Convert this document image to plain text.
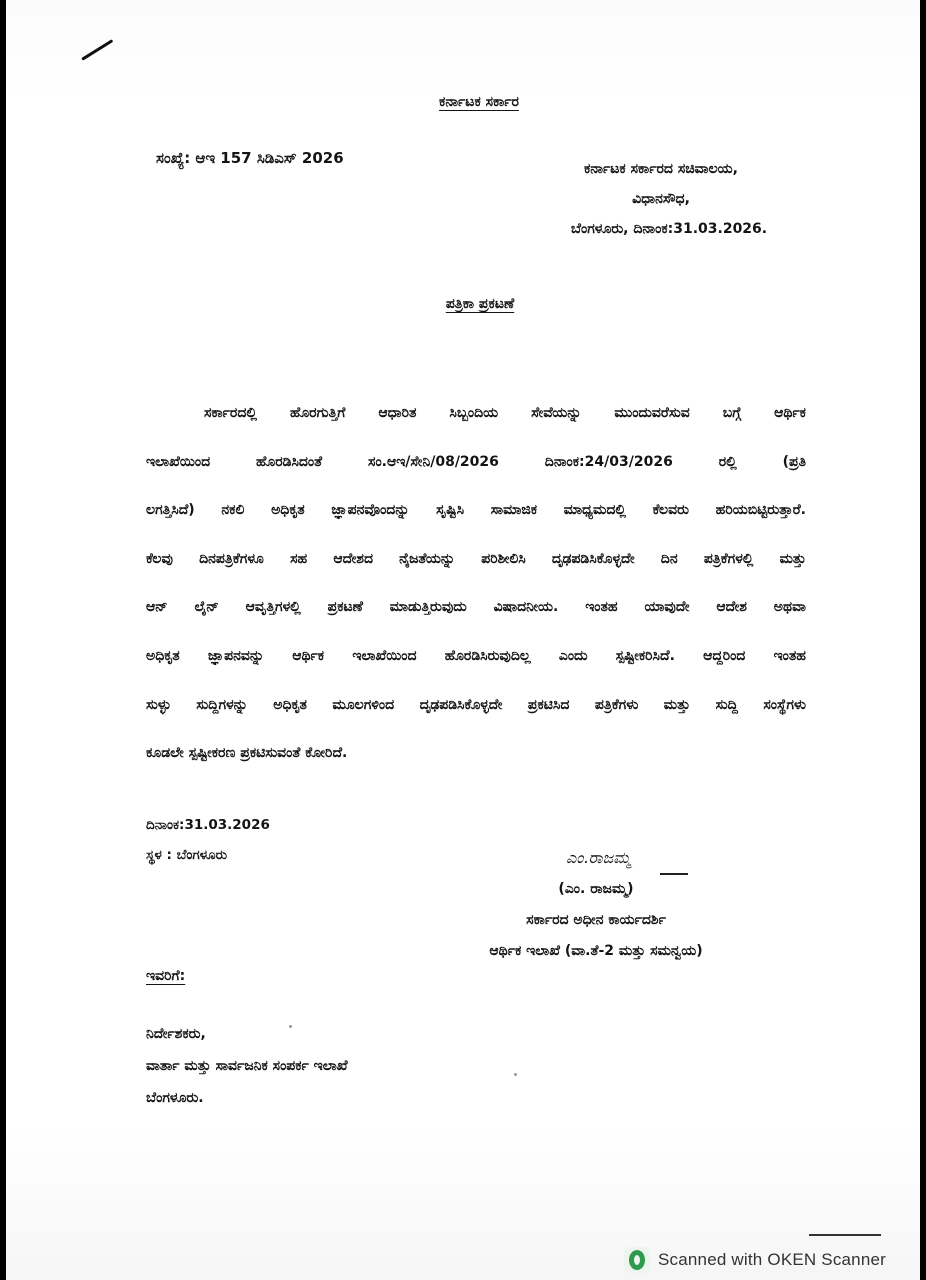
ಕರ್ನಾಟಕ ಸರ್ಕಾರ
ಸಂಖ್ಯೆ: ಆಇ 157 ಸಿಡಿಎಸ್ 2026
ಕರ್ನಾಟಕ ಸರ್ಕಾರದ ಸಚಿವಾಲಯ,
ವಿಧಾನಸೌಧ,
ಬೆಂಗಳೂರು, ದಿನಾಂಕ:31.03.2026.
ಪತ್ರಿಕಾ ಪ್ರಕಟಣೆ
ಸರ್ಕಾರದಲ್ಲಿ ಹೊರಗುತ್ತಿಗೆ ಆಧಾರಿತ ಸಿಬ್ಬಂದಿಯ ಸೇವೆಯನ್ನು ಮುಂದುವರೆಸುವ ಬಗ್ಗೆ ಆರ್ಥಿಕ
ಇಲಾಖೆಯಿಂದ ಹೊರಡಿಸಿದಂತೆ ಸಂ.ಆಇ/ಸೇನಿ/08/2026 ದಿನಾಂಕ:24/03/2026 ರಲ್ಲಿ (ಪ್ರತಿ
ಲಗತ್ತಿಸಿದೆ) ನಕಲಿ ಅಧಿಕೃತ ಜ್ಞಾಪನವೊಂದನ್ನು ಸೃಷ್ಟಿಸಿ ಸಾಮಾಜಿಕ ಮಾಧ್ಯಮದಲ್ಲಿ ಕೆಲವರು ಹರಿಯಬಿಟ್ಟಿರುತ್ತಾರೆ.
ಕೆಲವು ದಿನಪತ್ರಿಕೆಗಳೂ ಸಹ ಆದೇಶದ ನೈಜತೆಯನ್ನು ಪರಿಶೀಲಿಸಿ ದೃಢಪಡಿಸಿಕೊಳ್ಳದೇ ದಿನ ಪತ್ರಿಕೆಗಳಲ್ಲಿ ಮತ್ತು
ಆನ್ ಲೈನ್ ಆವೃತ್ತಿಗಳಲ್ಲಿ ಪ್ರಕಟಣೆ ಮಾಡುತ್ತಿರುವುದು ವಿಷಾದನೀಯ. ಇಂತಹ ಯಾವುದೇ ಆದೇಶ ಅಥವಾ
ಅಧಿಕೃತ ಜ್ಞಾಪನವನ್ನು ಆರ್ಥಿಕ ಇಲಾಖೆಯಿಂದ ಹೊರಡಿಸಿರುವುದಿಲ್ಲ ಎಂದು ಸ್ಪಷ್ಟೀಕರಿಸಿದೆ. ಆದ್ದರಿಂದ ಇಂತಹ
ಸುಳ್ಳು ಸುದ್ದಿಗಳನ್ನು ಅಧಿಕೃತ ಮೂಲಗಳಿಂದ ದೃಢಪಡಿಸಿಕೊಳ್ಳದೇ ಪ್ರಕಟಿಸಿದ ಪತ್ರಿಕೆಗಳು ಮತ್ತು ಸುದ್ದಿ ಸಂಸ್ಥೆಗಳು
ಕೂಡಲೇ ಸ್ಪಷ್ಟೀಕರಣ ಪ್ರಕಟಿಸುವಂತೆ ಕೋರಿದೆ.
ದಿನಾಂಕ:31.03.2026
ಸ್ಥಳ : ಬೆಂಗಳೂರು	ಎಂ.ರಾಜಮ್ಮ
(ಎಂ. ರಾಜಮ್ಮ)
ಸರ್ಕಾರದ ಅಧೀನ ಕಾರ್ಯದರ್ಶಿ
ಆರ್ಥಿಕ ಇಲಾಖೆ (ವಾ.ತೆ-2 ಮತ್ತು ಸಮನ್ವಯ)
ಇವರಿಗೆ:
ನಿರ್ದೇಶಕರು,
ವಾರ್ತಾ ಮತ್ತು ಸಾರ್ವಜನಿಕ ಸಂಪರ್ಕ ಇಲಾಖೆ
ಬೆಂಗಳೂರು.
Scanned with OKEN Scanner
